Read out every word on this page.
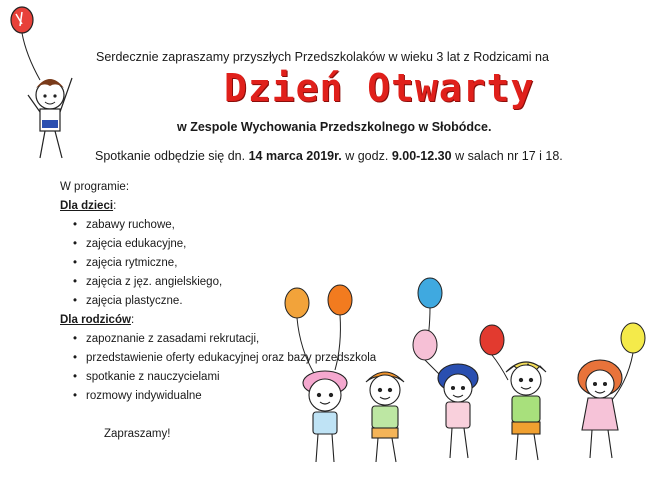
Serdecznie zapraszamy przyszłych Przedszkolaków w wieku 3 lat z Rodzicami na
Dzień Otwarty
w Zespole Wychowania Przedszkolnego w Słobódce.
Spotkanie odbędzie się dn. 14 marca 2019r. w godz. 9.00-12.30 w salach nr 17 i 18.
W programie:
Dla dzieci:
• zabawy ruchowe,
• zajęcia edukacyjne,
• zajęcia rytmiczne,
• zajęcia z jęz. angielskiego,
• zajęcia plastyczne.
Dla rodziców:
• zapoznanie z zasadami rekrutacji,
• przedstawienie oferty edukacyjnej oraz bazy przedszkola
• spotkanie z nauczycielami
• rozmowy indywidualne
Zapraszamy!
